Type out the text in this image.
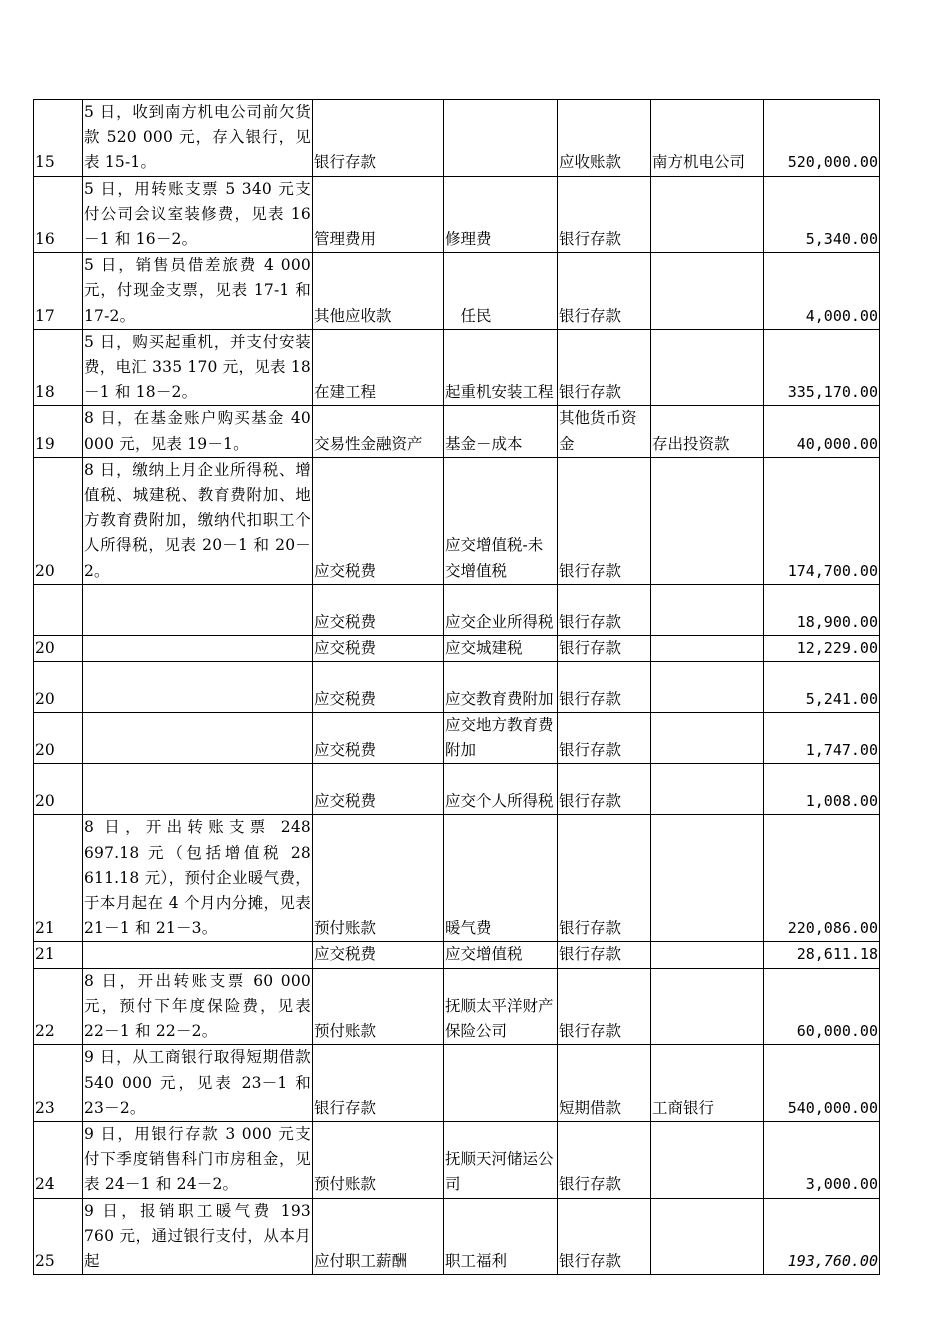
15	5 日，收到南方机电公司前欠货款 520 000 元，存入银行，见表 15-1。	银行存款		应收账款	南方机电公司	520,000.00
16	5 日，用转账支票 5 340 元支付公司会议室装修费，见表 16－1 和 16－2。	管理费用	修理费	银行存款		5,340.00
17	5 日，销售员借差旅费 4 000 元，付现金支票，见表 17-1 和 17-2。	其他应收款	　任民	银行存款		4,000.00
18	5 日，购买起重机，并支付安装费，电汇 335 170 元，见表 18－1 和 18－2。	在建工程	起重机安装工程	银行存款		335,170.00
19	8 日，在基金账户购买基金 40 000 元，见表 19－1。	交易性金融资产	基金－成本	其他货币资金	存出投资款	40,000.00
20	8 日，缴纳上月企业所得税、增值税、城建税、教育费附加、地方教育费附加，缴纳代扣职工个人所得税，见表 20－1 和 20－2。	应交税费	应交增值税-未交增值税	银行存款		174,700.00
		应交税费	应交企业所得税	银行存款		18,900.00
20		应交税费	应交城建税	银行存款		12,229.00
20		应交税费	应交教育费附加	银行存款		5,241.00
20		应交税费	应交地方教育费附加	银行存款		1,747.00
20		应交税费	应交个人所得税	银行存款		1,008.00
21	8 日，开出转账支票 248 697.18 元（包括增值税 28 611.18 元），预付企业暖气费，于本月起在 4 个月内分摊，见表 21－1 和 21－3。	预付账款	暖气费	银行存款		220,086.00
21		应交税费	应交增值税	银行存款		28,611.18
22	8 日，开出转账支票 60 000 元，预付下年度保险费，见表 22－1 和 22－2。	预付账款	抚顺太平洋财产保险公司	银行存款		60,000.00
23	9 日，从工商银行取得短期借款 540 000 元，见表 23－1 和 23－2。	银行存款		短期借款	工商银行	540,000.00
24	9 日，用银行存款 3 000 元支付下季度销售科门市房租金，见表 24－1 和 24－2。	预付账款	抚顺天河储运公司	银行存款		3,000.00
25	9 日，报销职工暖气费 193 760 元，通过银行支付，从本月起	应付职工薪酬	职工福利	银行存款		193,760.00
